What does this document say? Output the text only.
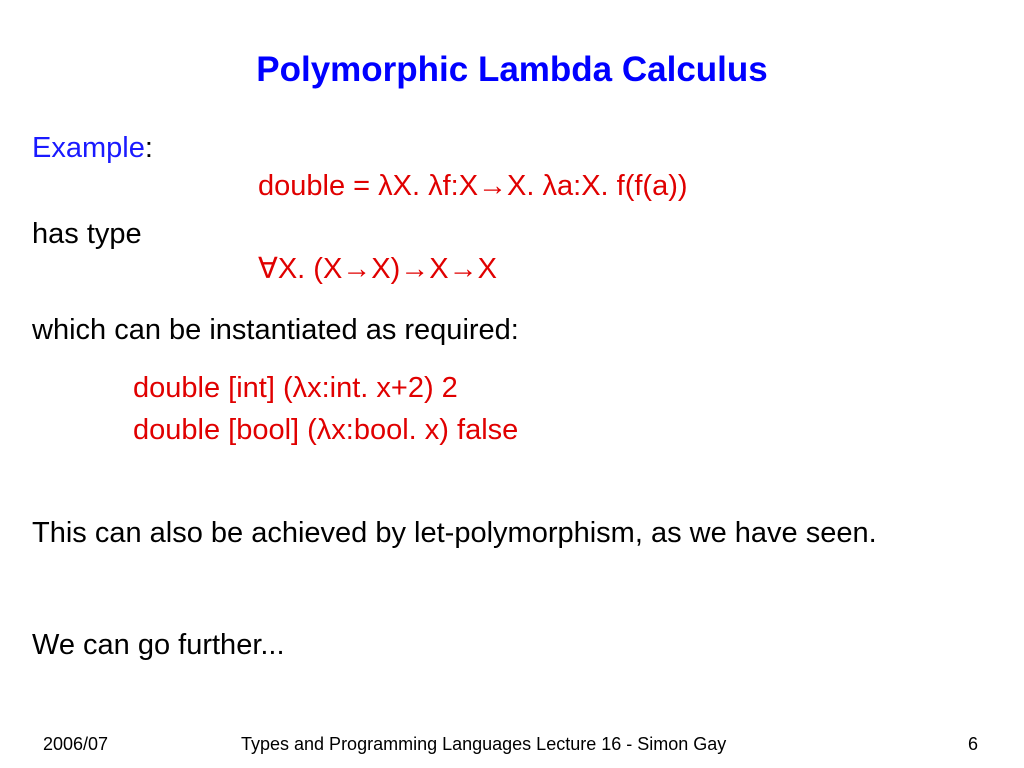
Polymorphic Lambda Calculus
Example:
double = λX. λf:X→X. λa:X. f(f(a))
has type
∀X. (X→X)→X→X
which can be instantiated as required:
double [int] (λx:int. x+2) 2
double [bool] (λx:bool. x) false
This can also be achieved by let-polymorphism, as we have seen.
We can go further...
2006/07	Types and Programming Languages Lecture 16 - Simon Gay	6
